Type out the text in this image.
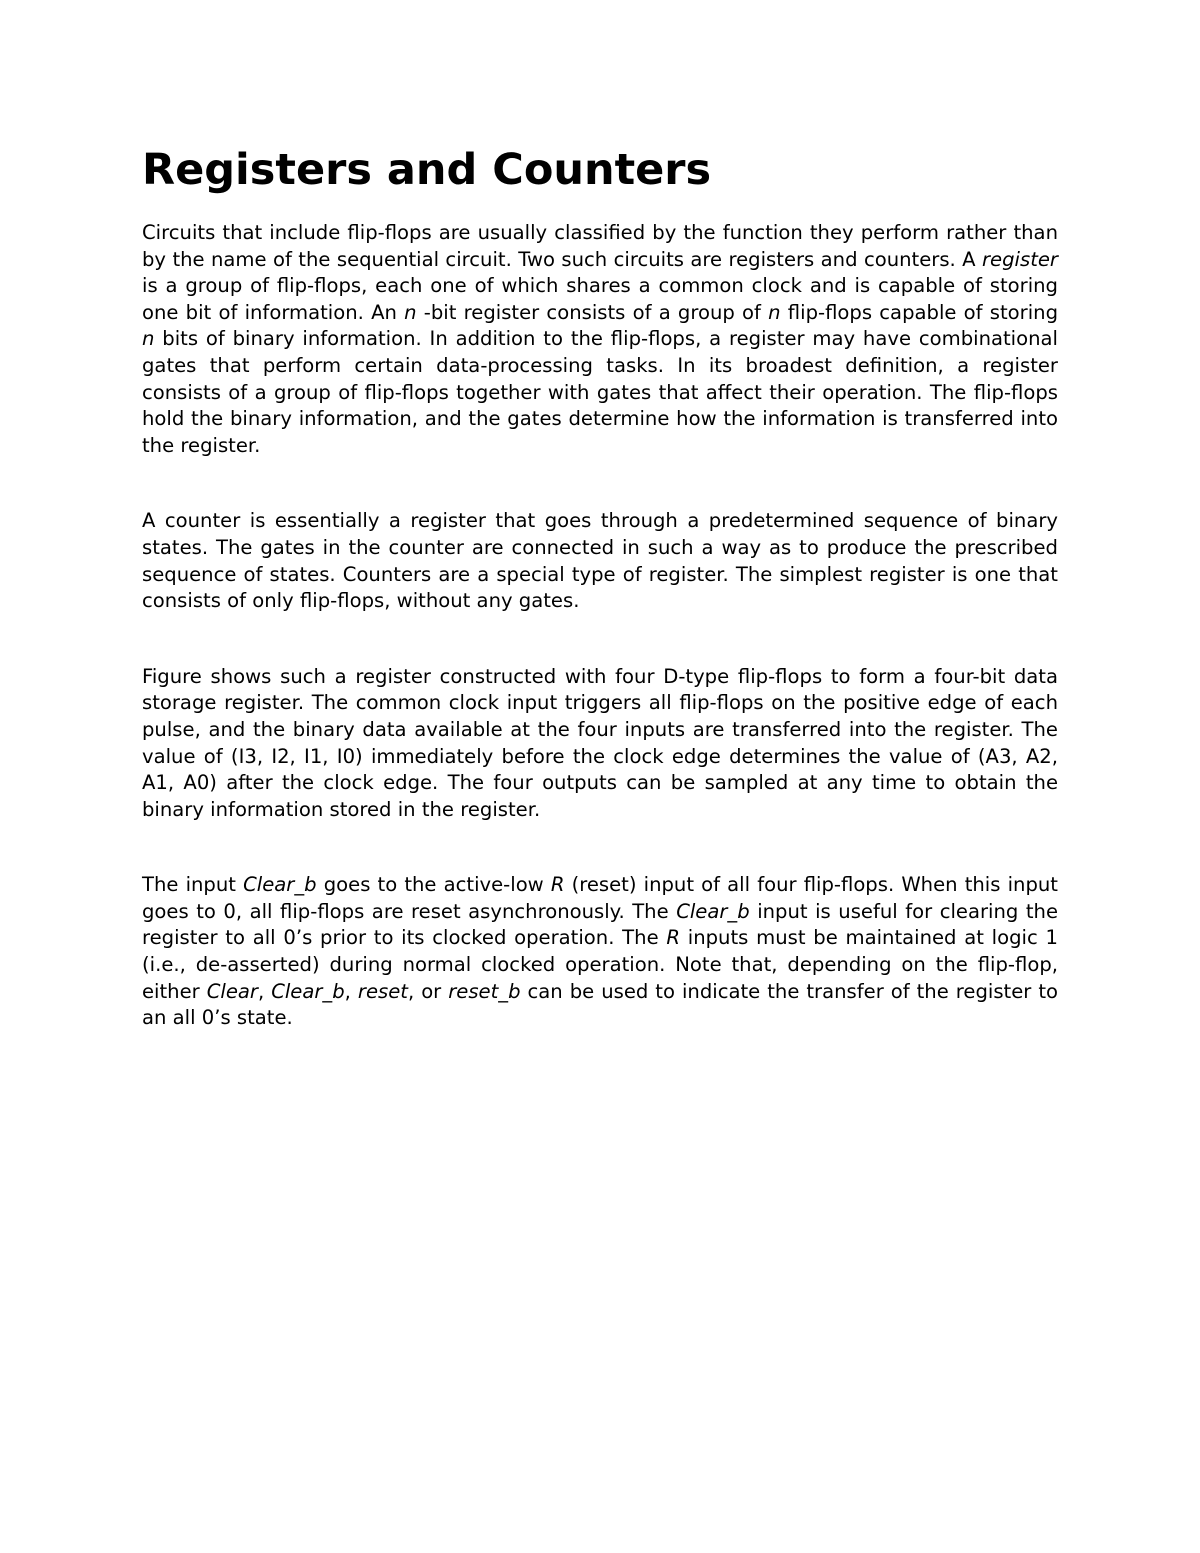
Registers and Counters

Circuits that include flip-flops are usually classified by the function they perform rather than by the name of the sequential circuit. Two such circuits are registers and counters. A register is a group of flip-flops, each one of which shares a common clock and is capable of storing one bit of information. An n -bit register consists of a group of n flip-flops capable of storing n bits of binary information. In addition to the flip-flops, a register may have combinational gates that perform certain data-processing tasks. In its broadest definition, a register consists of a group of flip-flops together with gates that affect their operation. The flip-flops hold the binary information, and the gates determine how the information is transferred into the register.

A counter is essentially a register that goes through a predetermined sequence of binary states. The gates in the counter are connected in such a way as to produce the prescribed sequence of states. Counters are a special type of register. The simplest register is one that consists of only flip-flops, without any gates.

Figure shows such a register constructed with four D-type flip-flops to form a four-bit data storage register. The common clock input triggers all flip-flops on the positive edge of each pulse, and the binary data available at the four inputs are transferred into the register. The value of (I3, I2, I1, I0) immediately before the clock edge determines the value of (A3, A2, A1, A0) after the clock edge. The four outputs can be sampled at any time to obtain the binary information stored in the register.

The input Clear_b goes to the active-low R (reset) input of all four flip-flops. When this input goes to 0, all flip-flops are reset asynchronously. The Clear_b input is useful for clearing the register to all 0’s prior to its clocked operation. The R inputs must be maintained at logic 1 (i.e., de-asserted) during normal clocked operation. Note that, depending on the flip-flop, either Clear, Clear_b, reset, or reset_b can be used to indicate the transfer of the register to an all 0’s state.
